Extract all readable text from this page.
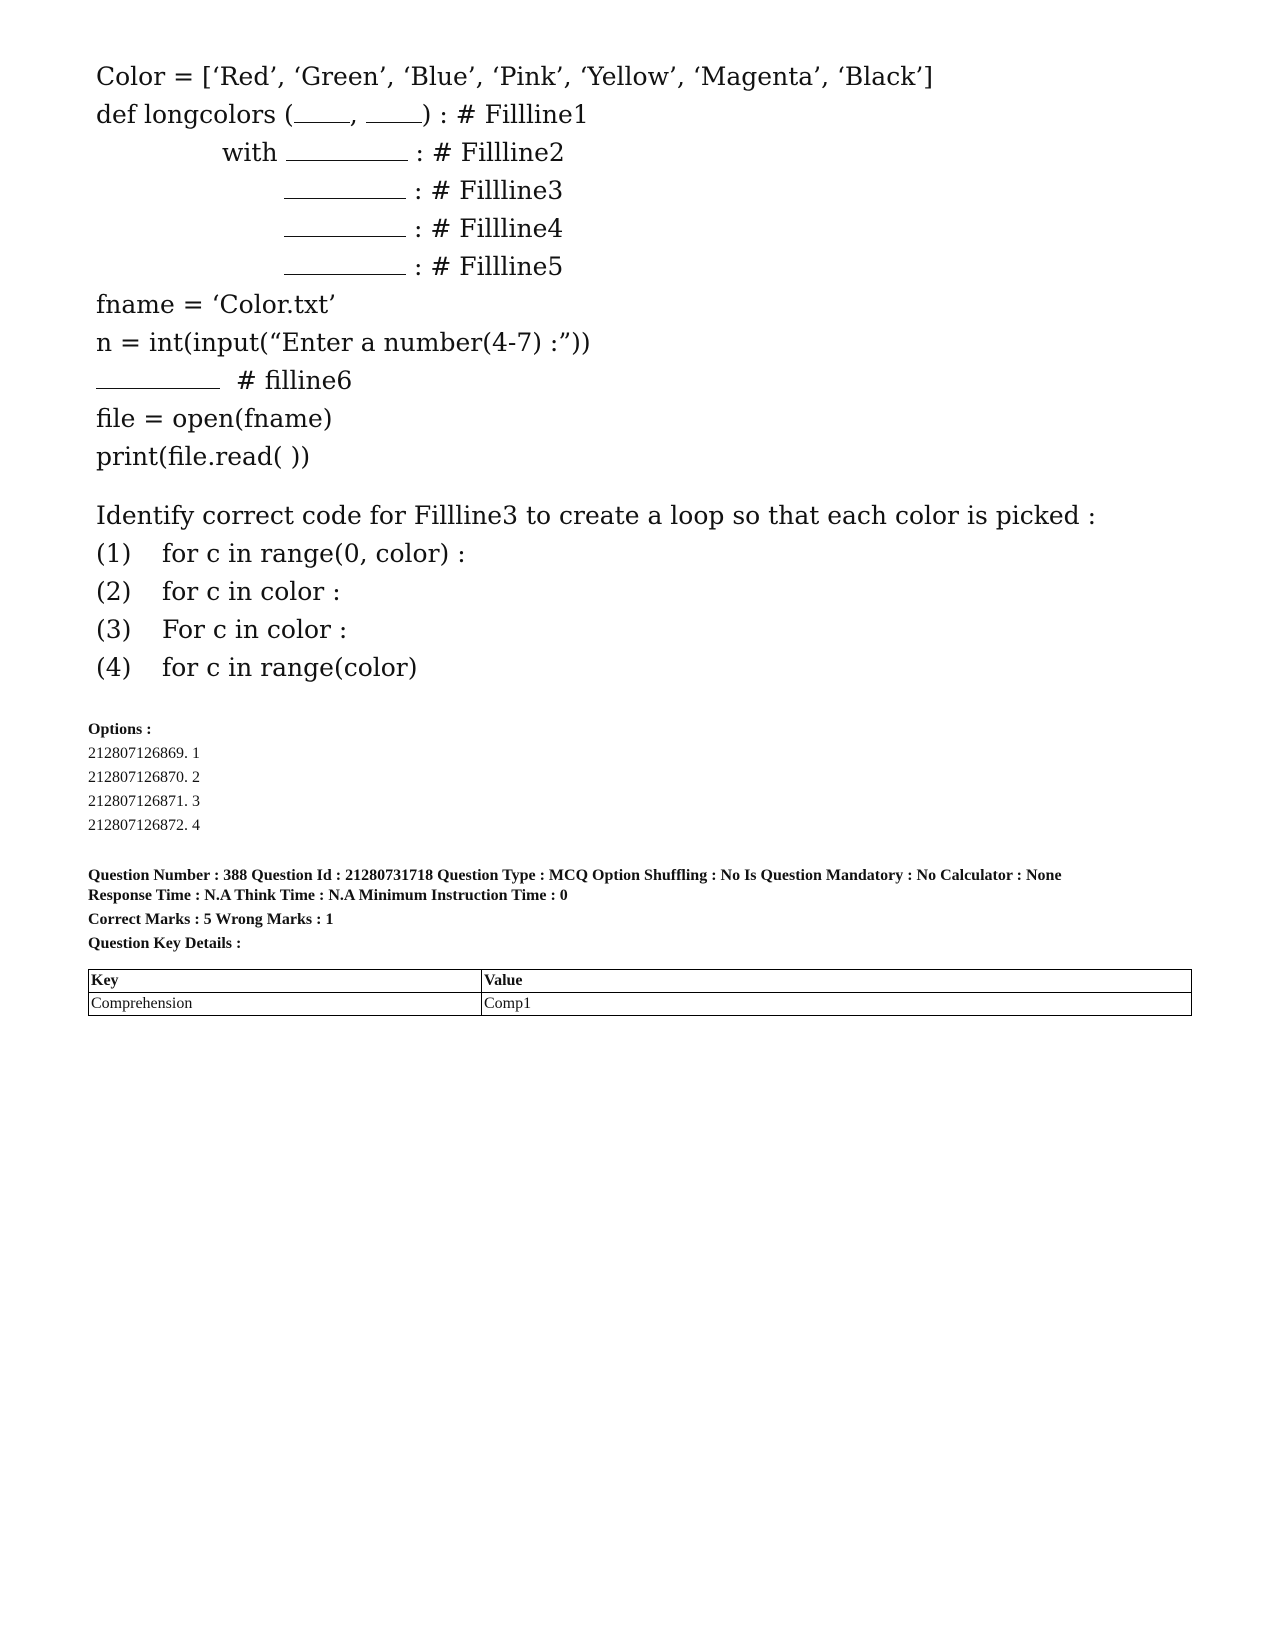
Color = [‘Red’, ‘Green’, ‘Blue’, ‘Pink’, ‘Yellow’, ‘Magenta’, ‘Black’]
def longcolors ( ,	) : # Fillline1
with	: # Fillline2
: # Fillline3
: # Fillline4
: # Fillline5
fname = ‘Color.txt’
n = int(input(“Enter a number(4-7) :”))
# filline6
file = open(fname)
print(file.read( ))
Identify correct code for Fillline3 to create a loop so that each color is picked :
(1) for c in range(0, color) :
(2) for c in color :
(3) For c in color :
(4) for c in range(color)
Options :
212807126869. 1
212807126870. 2
212807126871. 3
212807126872. 4
Question Number : 388 Question Id : 21280731718 Question Type : MCQ Option Shuffling : No Is Question Mandatory : No Calculator : None
Response Time : N.A Think Time : N.A Minimum Instruction Time : 0
Correct Marks : 5 Wrong Marks : 1
Question Key Details :
Key	Value
Comprehension	Comp1
